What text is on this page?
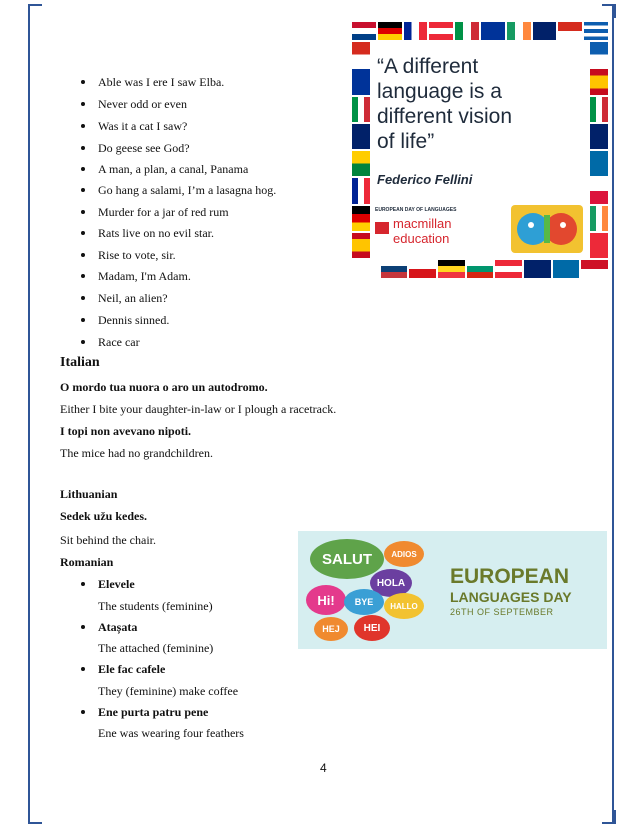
Able was I ere I saw Elba.
Never odd or even
Was it a cat I saw?
Do geese see God?
A man, a plan, a canal, Panama
Go hang a salami, I’m a lasagna hog.
Murder for a jar of red rum
Rats live on no evil star.
Rise to vote, sir.
Madam, I'm Adam.
Neil, an alien?
Dennis sinned.
Race car
Italian
O mordo tua nuora o aro un autodromo.
Either I bite your daughter-in-law or I plough a racetrack.
I topi non avevano nipoti.
The mice had no grandchildren.
Lithuanian
Sedek užu kedes.
Sit behind the chair.
Romanian
Elevele
The students (feminine)
Atașata
The attached (feminine)
Ele fac cafele
They (feminine) make coffee
Ene purta patru pene
Ene was wearing four feathers
“A different
language is a
different vision
of life”
Federico Fellini
EUROPEAN DAY OF LANGUAGES
macmillan
education
SALUT	ADIOS
HOLA
Hi!	BYE	HALLO
HEJ	HEI
EUROPEAN
LANGUAGES DAY
26TH OF SEPTEMBER
4
